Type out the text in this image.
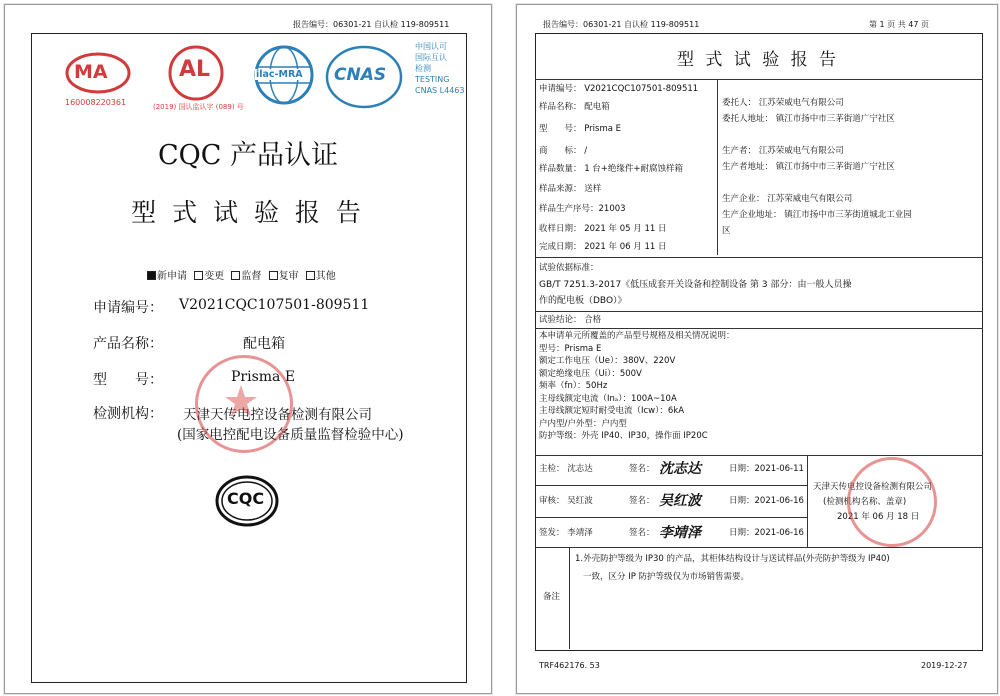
报告编号：06301-21 自认检 119-809511
MA
160008220361
AL
(2019) 国认监认字 (089) 号
ilac-MRA CNAS
中国认可
国际互认
检测
TESTING
CNAS L4463
CQC 产品认证
型 式 试 验 报 告
新申请 变更 监督 复审 其他
申请编号： V2021CQC107501-809511
产品名称：	配电箱
型　　号：	Prisma E
检测机构： 天津天传电控设备检测有限公司
(国家电控配电设备质量监督检验中心)
CQC
报告编号：06301-21 自认检 119-809511	第 1 页 共 47 页
型 式 试 验 报 告
申请编号： V2021CQC107501-809511
样品名称： 配电箱
型　　号： Prisma E
商　　标： /
样品数量： 1 台+绝缘件+耐腐蚀样箱
样品来源： 送样
样品生产序号：21003
收样日期： 2021 年 05 月 11 日
完成日期： 2021 年 06 月 11 日
委托人： 江苏荣威电气有限公司
委托人地址： 镇江市扬中市三茅街道广宁社区
生产者： 江苏荣威电气有限公司
生产者地址： 镇江市扬中市三茅街道广宁社区
生产企业： 江苏荣威电气有限公司
生产企业地址： 镇江市扬中市三茅街道城北工业园
区
试验依据标准：
GB/T 7251.3-2017《低压成套开关设备和控制设备 第 3 部分：由一般人员操
作的配电板（DBO）》
试验结论： 合格
本申请单元所覆盖的产品型号规格及相关情况说明：
型号：Prisma E
额定工作电压（Ue）：380V、220V
额定绝缘电压（Ui）：500V
频率（fn）：50Hz
主母线额定电流（Inₐ）：100A~10A
主母线额定短时耐受电流（Icw）：6kA
户内型/户外型：户内型
防护等级：外壳 IP40、IP30，操作面 IP20C
主检： 沈志达	签名： 沈志达	日期：2021-06-11
审核： 吴红波	签名： 吴红波	日期：2021-06-16
签发： 李靖泽	签名： 李靖泽	日期：2021-06-16
天津天传电控设备检测有限公司
(检测机构名称、盖章)
2021 年 06 月 18 日
备注
1.外壳防护等级为 IP30 的产品，其柜体结构设计与送试样品(外壳防护等级为 IP40)
一致，区分 IP 防护等级仅为市场销售需要。
TRF462176. 53	2019-12-27
